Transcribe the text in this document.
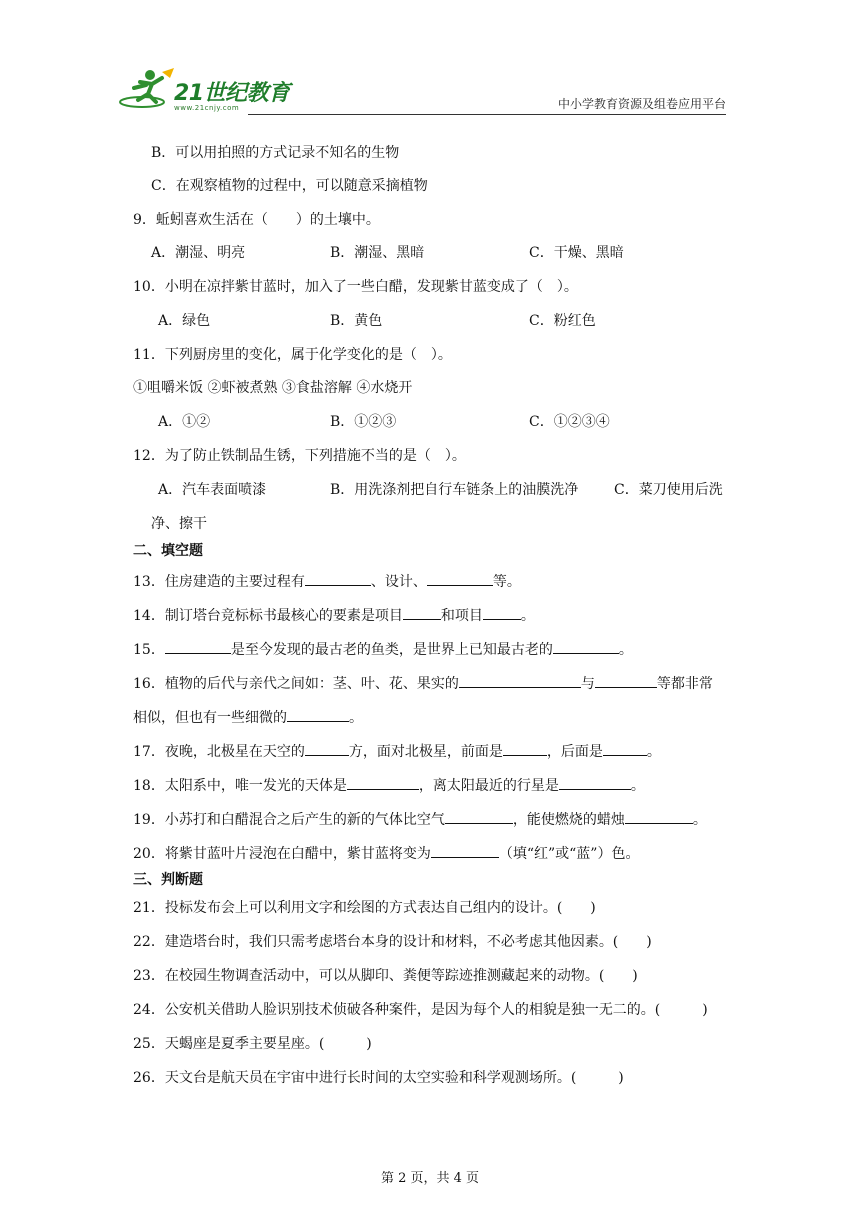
21世纪教育
www.21cnjy.com	中小学教育资源及组卷应用平台
B．可以用拍照的方式记录不知名的生物
C．在观察植物的过程中，可以随意采摘植物
9．蚯蚓喜欢生活在（　　）的土壤中。
A．潮湿、明亮	B．潮湿、黑暗	C．干燥、黑暗
10．小明在凉拌紫甘蓝时，加入了一些白醋，发现紫甘蓝变成了（　）。
A．绿色	B．黄色	C．粉红色
11．下列厨房里的变化，属于化学变化的是（　）。
①咀嚼米饭 ②虾被煮熟 ③食盐溶解 ④水烧开
A．①②	B．①②③	C．①②③④
12．为了防止铁制品生锈，下列措施不当的是（　）。
A．汽车表面喷漆	B．用洗涤剂把自行车链条上的油膜洗净	C．菜刀使用后洗
净、擦干
二、填空题
13．住房建造的主要过程有	、设计、	等。
14．制订塔台竞标标书最核心的要素是项目	和项目	。
15．	是至今发现的最古老的鱼类，是世界上已知最古老的	。
16．植物的后代与亲代之间如：茎、叶、花、果实的	与	等都非常
相似，但也有一些细微的	。
17．夜晚，北极星在天空的	方，面对北极星，前面是	，后面是	。
18．太阳系中，唯一发光的天体是	，离太阳最近的行星是	。
19．小苏打和白醋混合之后产生的新的气体比空气	，能使燃烧的蜡烛	。
20．将紫甘蓝叶片浸泡在白醋中，紫甘蓝将变为	（填“红”或“蓝”）色。
三、判断题
21．投标发布会上可以利用文字和绘图的方式表达自己组内的设计。(　　)
22．建造塔台时，我们只需考虑塔台本身的设计和材料，不必考虑其他因素。(　　)
23．在校园生物调查活动中，可以从脚印、粪便等踪迹推测藏起来的动物。(　　)
24．公安机关借助人脸识别技术侦破各种案件，是因为每个人的相貌是独一无二的。(　　　)
25．天蝎座是夏季主要星座。(　　　)
26．天文台是航天员在宇宙中进行长时间的太空实验和科学观测场所。(　　　)
第 2 页，共 4 页
